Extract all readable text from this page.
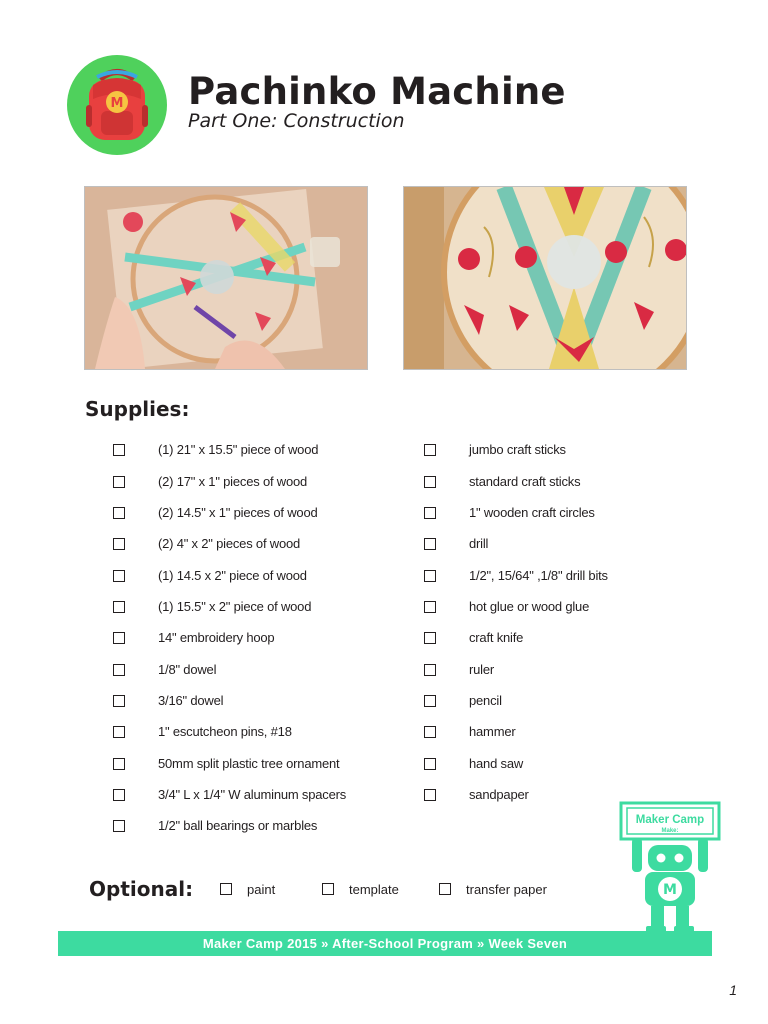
M Pachinko Machine
Part One: Construction
Supplies:
(1) 21" x 15.5" piece of wood
(2) 17" x 1" pieces of wood
(2) 14.5" x 1" pieces of wood
(2) 4" x 2" pieces of wood
(1) 14.5 x 2" piece of wood
(1) 15.5" x 2" piece of wood
14" embroidery hoop
1/8" dowel
3/16" dowel
1" escutcheon pins, #18
50mm split plastic tree ornament
3/4" L x 1/4" W aluminum spacers
1/2" ball bearings or marbles
jumbo craft sticks
standard craft sticks
1" wooden craft circles
drill
1/2", 15/64" ,1/8" drill bits
hot glue or wood glue
craft knife
ruler
pencil
hammer
hand saw
sandpaper
Optional:	paint	template	transfer paper
Maker Camp
Make:
M
Maker Camp 2015 » After-School Program » Week Seven
1
